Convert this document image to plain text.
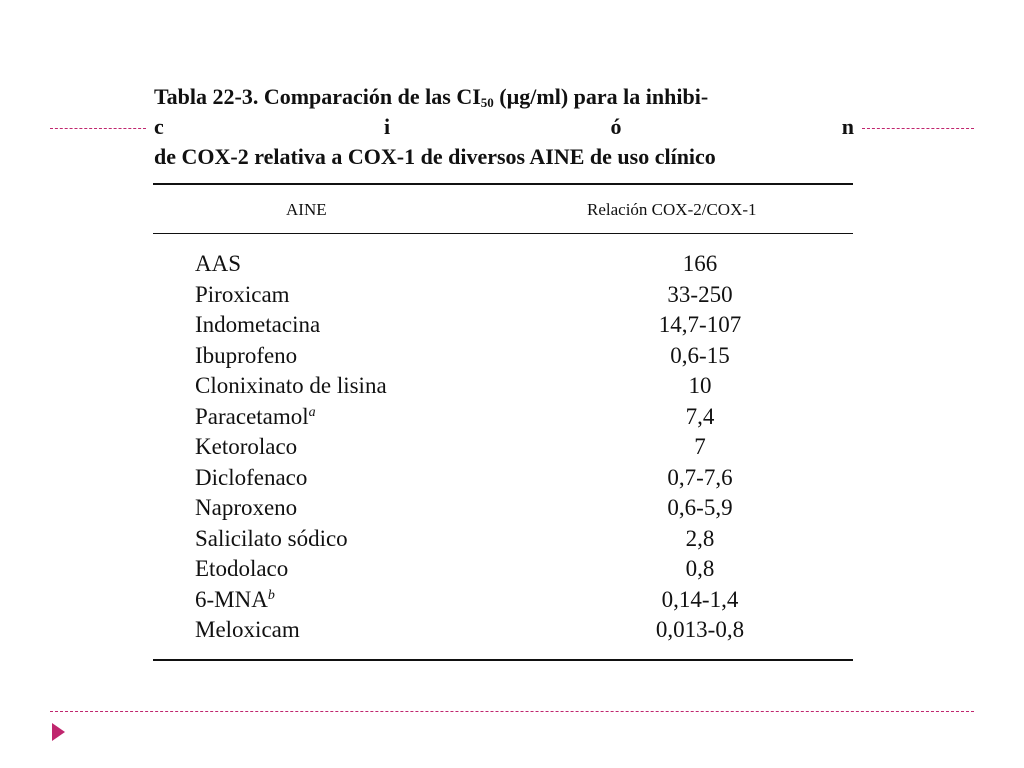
Tabla 22-3. Comparación de las $CI_{50}$ (µg/ml) para la inhibi-
c	i	ó	n
de COX-2 relativa a COX-1 de diversos AINE de uso clínico
AINE	Relación COX-2/COX-1
AAS	166
Piroxicam	33-250
Indometacina	14,7-107
Ibuprofeno	0,6-15
Clonixinato de lisina	10
Paracetamol$^a$	7,4
Ketorolaco	7
Diclofenaco	0,7-7,6
Naproxeno	0,6-5,9
Salicilato sódico	2,8
Etodolaco	0,8
6-MNA$^b$	0,14-1,4
Meloxicam	0,013-0,8
